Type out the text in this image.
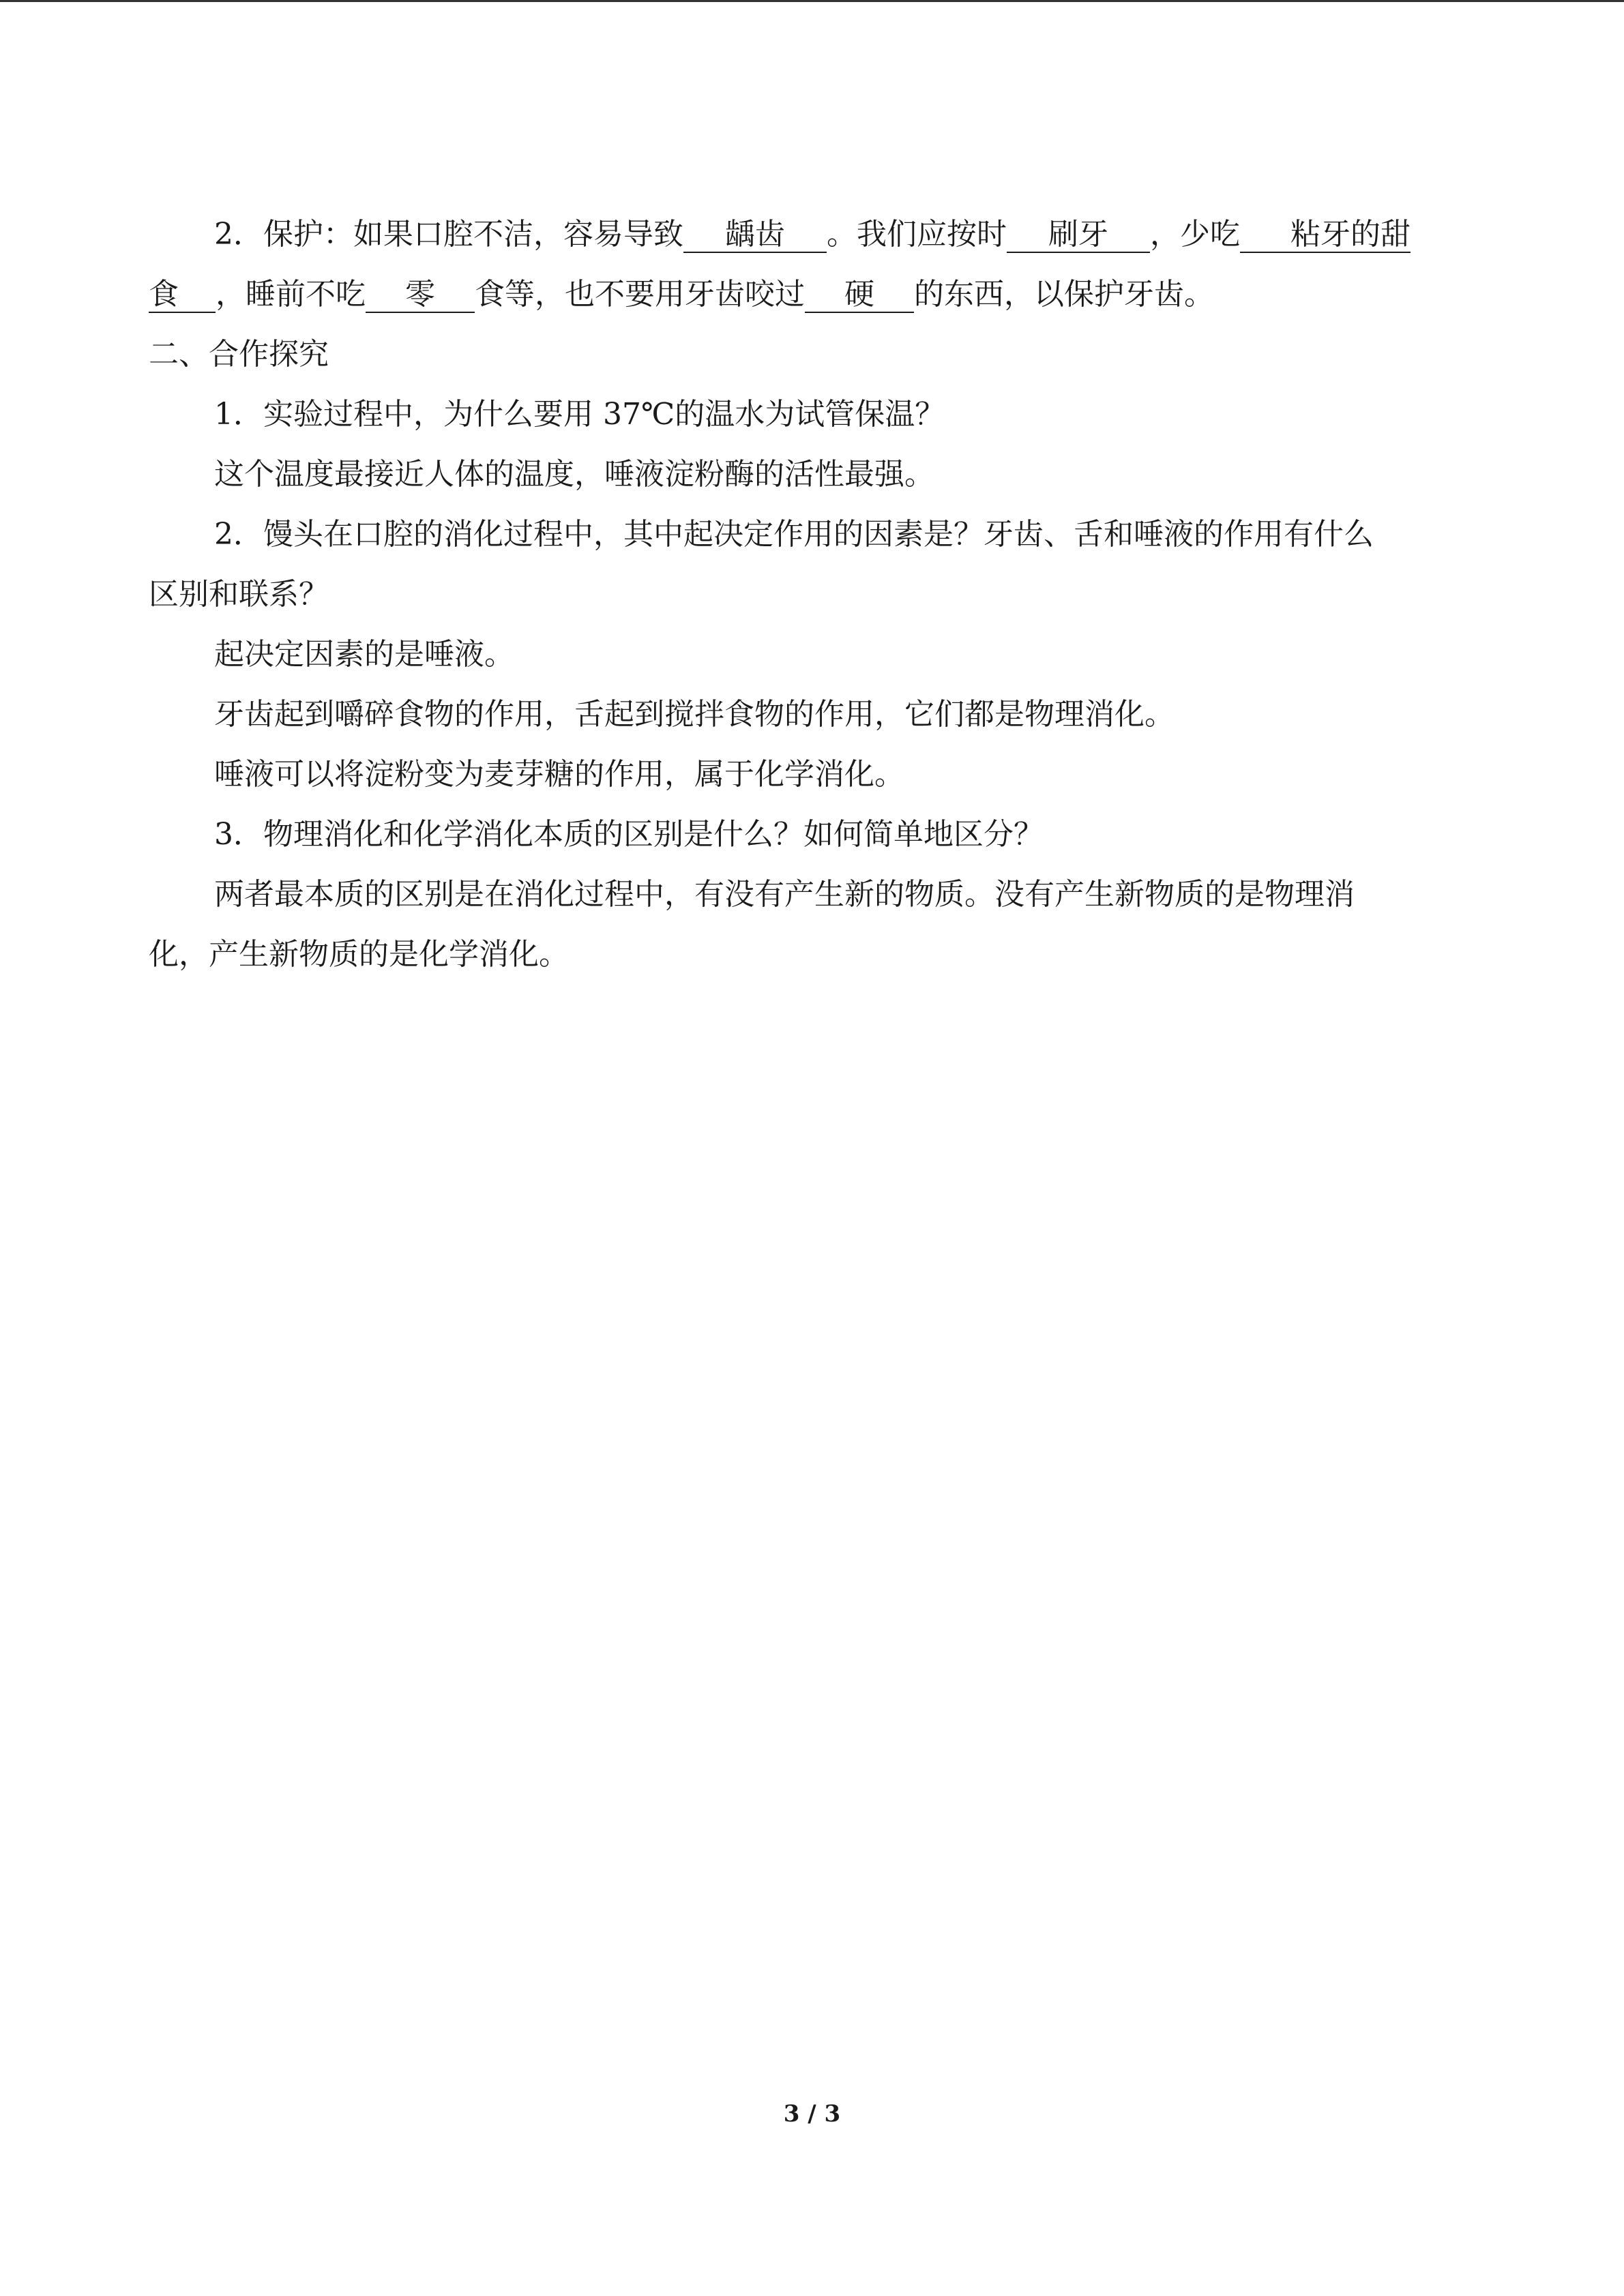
2．保护：如果口腔不洁，容易导致 龋齿 。我们应按时 刷牙 ，少吃 粘牙的甜

食 ，睡前不吃 零 食等，也不要用牙齿咬过 硬 的东西，以保护牙齿。

二、合作探究

1．实验过程中，为什么要用 37℃的温水为试管保温？

这个温度最接近人体的温度，唾液淀粉酶的活性最强。

2．馒头在口腔的消化过程中，其中起决定作用的因素是？牙齿、舌和唾液的作用有什么

区别和联系？

起决定因素的是唾液。

牙齿起到嚼碎食物的作用，舌起到搅拌食物的作用，它们都是物理消化。

唾液可以将淀粉变为麦芽糖的作用，属于化学消化。

3．物理消化和化学消化本质的区别是什么？如何简单地区分？

两者最本质的区别是在消化过程中，有没有产生新的物质。没有产生新物质的是物理消

化，产生新物质的是化学消化。

3 / 3
